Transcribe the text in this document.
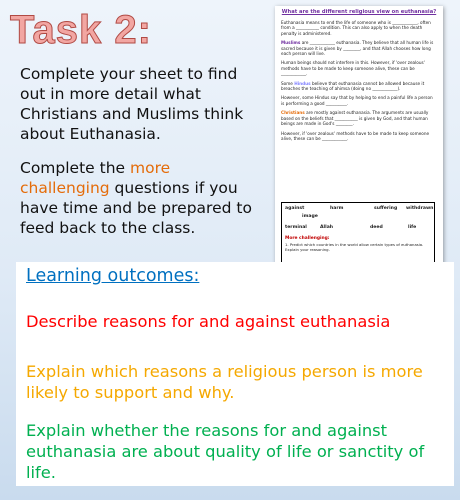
Task 2:

Complete your sheet to find out in more detail what Christians and Muslims think about Euthanasia.

Complete the more challenging questions if you have time and be prepared to feed back to the class.

What are the different religious view on euthanasia?
Euthanasia means to end the life of someone who is ____________, often from a ___________ condition. This can also apply to when the death penalty is administered.
Muslims are ____________ euthanasia. They believe that all human life is sacred because it is given by ________, and that Allah chooses how long each person will live.
Human beings should not interfere in this. However, if 'over zealous' methods have to be made to keep someone alive, these can be ____________.
Some Hindus believe that euthanasia cannot be allowed because it breaches the teaching of ahimsa (doing no ____________).
However, some Hindus say that by helping to end a painful life a person is performing a good __________.
Christians are mostly against euthanasia. The arguments are usually based on the beliefs that ___________ is given by God, and that human beings are made in God's ________.
However, if 'over zealous' methods have to be made to keep someone alive, these can be ____________.
against	harm	suffering withdrawn
image
terminal	Allah	deed	life
More challenging:
1. Predict which countries in the world allow certain types of euthanasia. Explain your reasoning.
Learning outcomes:
Describe reasons for and against euthanasia
Explain which reasons a religious person is more likely to support and why.
Explain whether the reasons for and against euthanasia are about quality of life or sanctity of life.
